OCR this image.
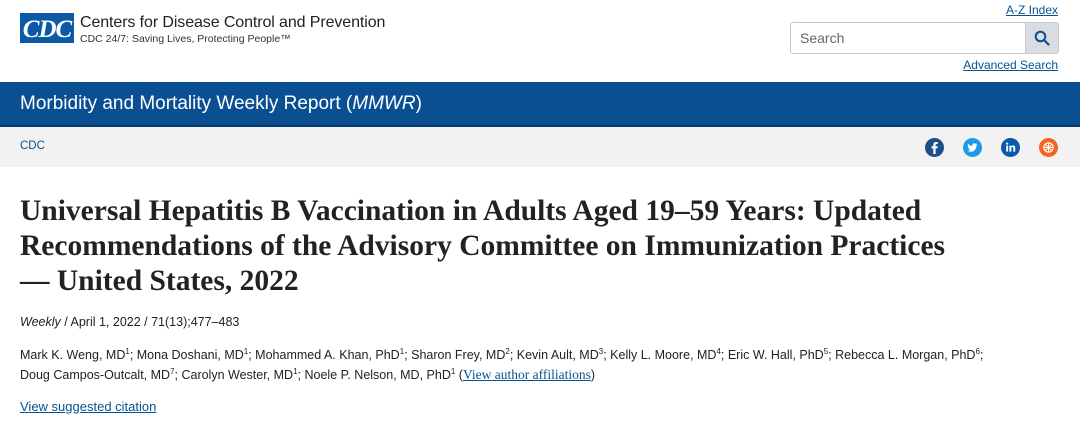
CDC Centers for Disease Control and Prevention
CDC 24/7: Saving Lives, Protecting People™
A-Z Index
Search
Advanced Search
Morbidity and Mortality Weekly Report (MMWR)
CDC
Universal Hepatitis B Vaccination in Adults Aged 19–59 Years: Updated
Recommendations of the Advisory Committee on Immunization Practices
— United States, 2022
Weekly / April 1, 2022 / 71(13);477–483
Mark K. Weng, $MD^1$; Mona Doshani, $MD^1$; Mohammed A. Khan, PhD$^1$; Sharon Frey, $MD^2$; Kevin Ault, $MD^3$; Kelly L. Moore, $MD^4$; Eric W. Hall, PhD$^5$; Rebecca L. Morgan, PhD$^6$;
Doug Campos-Outcalt, $MD^7$; Carolyn Wester, $MD^1$; Noele P. Nelson, MD, PhD$^1$ (View author affiliations)
View suggested citation
